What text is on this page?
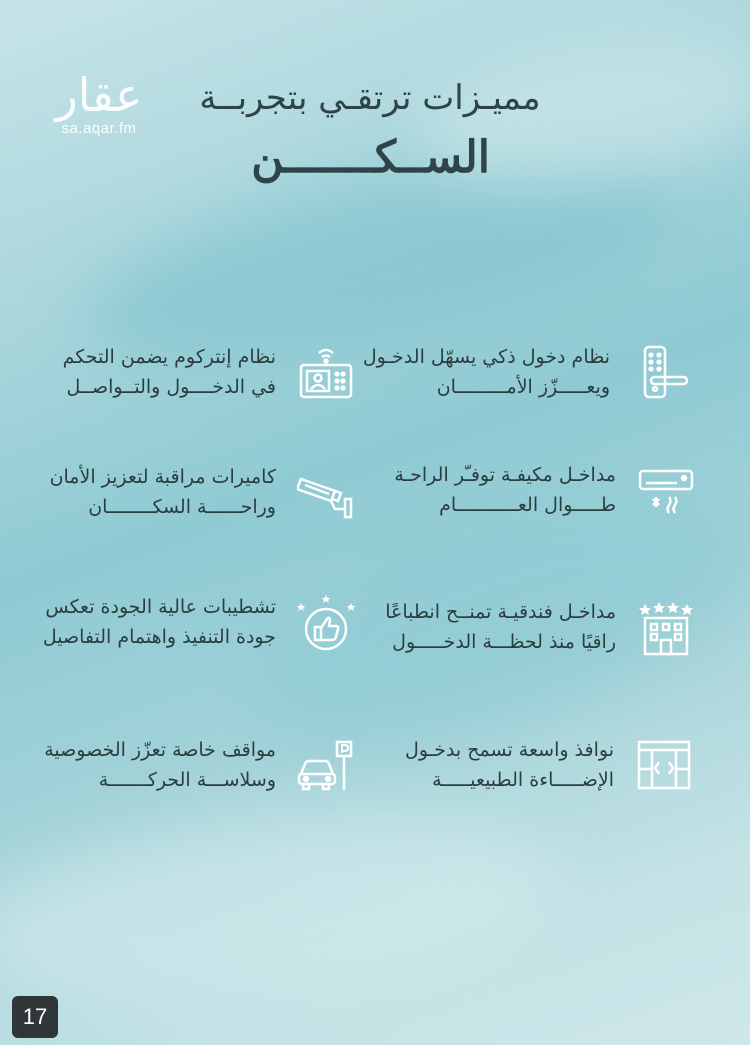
عقار
sa.aqar.fm
مميـزات ترتقـي بتجربــة
الســكـــــــن
نظام دخول ذكي يسهّل الدخـول
ويعـــــزّز الأمـــــــــان
مداخـل مكيفـة توفـّر الراحـة
طـــــوال العـــــــــــام
مداخـل فندقيـة تمنــح انطباعًا
راقيًا منذ لحظـــة الدخـــــول
نوافذ واسعة تسمح بدخـول
الإضـــــاءة الطبيعيـــــة
نظام إنتركوم يضمن التحكم
في الدخــــول والتــواصــل
كاميرات مراقبة لتعزيز الأمان
وراحــــــة السكــــــــان
تشطيبات عالية الجودة تعكس
جودة التنفيذ واهتمام التفاصيل
مواقف خاصة تعزّز الخصوصية
وسلاســـة الحركـــــــة
17
